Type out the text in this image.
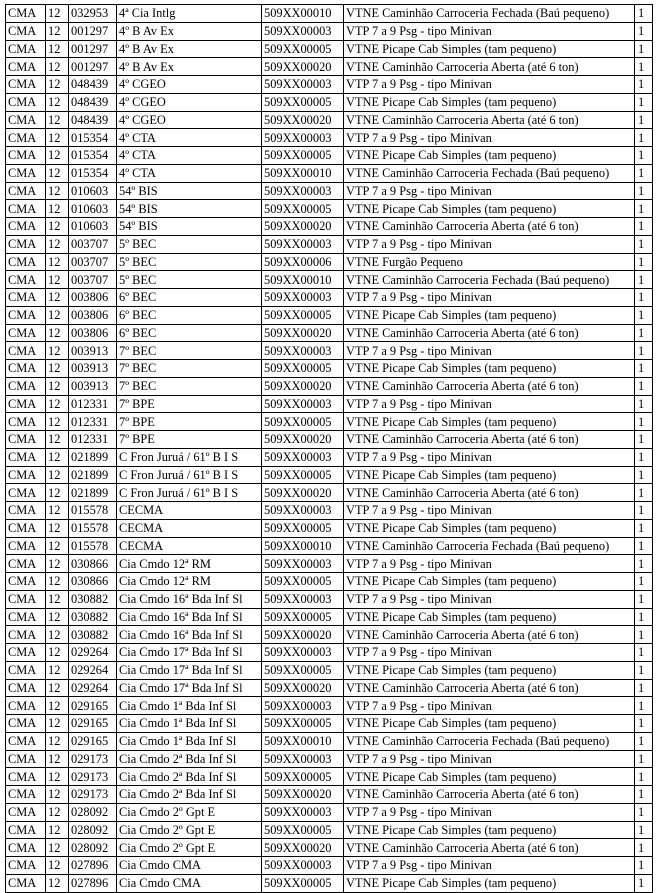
CMA	12	032953	4ª Cia Intlg	509XX00010	VTNE Caminhão Carroceria Fechada (Baú pequeno)	1
CMA	12	001297	4º B Av Ex	509XX00003	VTP 7 a 9 Psg - tipo Minivan	1
CMA	12	001297	4º B Av Ex	509XX00005	VTNE Picape Cab Simples (tam pequeno)	1
CMA	12	001297	4º B Av Ex	509XX00020	VTNE Caminhão Carroceria Aberta (até 6 ton)	1
CMA	12	048439	4º CGEO	509XX00003	VTP 7 a 9 Psg - tipo Minivan	1
CMA	12	048439	4º CGEO	509XX00005	VTNE Picape Cab Simples (tam pequeno)	1
CMA	12	048439	4º CGEO	509XX00020	VTNE Caminhão Carroceria Aberta (até 6 ton)	1
CMA	12	015354	4º CTA	509XX00003	VTP 7 a 9 Psg - tipo Minivan	1
CMA	12	015354	4º CTA	509XX00005	VTNE Picape Cab Simples (tam pequeno)	1
CMA	12	015354	4º CTA	509XX00010	VTNE Caminhão Carroceria Fechada (Baú pequeno)	1
CMA	12	010603	54º BIS	509XX00003	VTP 7 a 9 Psg - tipo Minivan	1
CMA	12	010603	54º BIS	509XX00005	VTNE Picape Cab Simples (tam pequeno)	1
CMA	12	010603	54º BIS	509XX00020	VTNE Caminhão Carroceria Aberta (até 6 ton)	1
CMA	12	003707	5º BEC	509XX00003	VTP 7 a 9 Psg - tipo Minivan	1
CMA	12	003707	5º BEC	509XX00006	VTNE Furgão Pequeno	1
CMA	12	003707	5º BEC	509XX00010	VTNE Caminhão Carroceria Fechada (Baú pequeno)	1
CMA	12	003806	6º BEC	509XX00003	VTP 7 a 9 Psg - tipo Minivan	1
CMA	12	003806	6º BEC	509XX00005	VTNE Picape Cab Simples (tam pequeno)	1
CMA	12	003806	6º BEC	509XX00020	VTNE Caminhão Carroceria Aberta (até 6 ton)	1
CMA	12	003913	7º BEC	509XX00003	VTP 7 a 9 Psg - tipo Minivan	1
CMA	12	003913	7º BEC	509XX00005	VTNE Picape Cab Simples (tam pequeno)	1
CMA	12	003913	7º BEC	509XX00020	VTNE Caminhão Carroceria Aberta (até 6 ton)	1
CMA	12	012331	7º BPE	509XX00003	VTP 7 a 9 Psg - tipo Minivan	1
CMA	12	012331	7º BPE	509XX00005	VTNE Picape Cab Simples (tam pequeno)	1
CMA	12	012331	7º BPE	509XX00020	VTNE Caminhão Carroceria Aberta (até 6 ton)	1
CMA	12	021899	C Fron Juruá / 61º B I S	509XX00003	VTP 7 a 9 Psg - tipo Minivan	1
CMA	12	021899	C Fron Juruá / 61º B I S	509XX00005	VTNE Picape Cab Simples (tam pequeno)	1
CMA	12	021899	C Fron Juruá / 61º B I S	509XX00020	VTNE Caminhão Carroceria Aberta (até 6 ton)	1
CMA	12	015578	CECMA	509XX00003	VTP 7 a 9 Psg - tipo Minivan	1
CMA	12	015578	CECMA	509XX00005	VTNE Picape Cab Simples (tam pequeno)	1
CMA	12	015578	CECMA	509XX00010	VTNE Caminhão Carroceria Fechada (Baú pequeno)	1
CMA	12	030866	Cia Cmdo 12ª RM	509XX00003	VTP 7 a 9 Psg - tipo Minivan	1
CMA	12	030866	Cia Cmdo 12ª RM	509XX00005	VTNE Picape Cab Simples (tam pequeno)	1
CMA	12	030882	Cia Cmdo 16ª Bda Inf Sl	509XX00003	VTP 7 a 9 Psg - tipo Minivan	1
CMA	12	030882	Cia Cmdo 16ª Bda Inf Sl	509XX00005	VTNE Picape Cab Simples (tam pequeno)	1
CMA	12	030882	Cia Cmdo 16ª Bda Inf Sl	509XX00020	VTNE Caminhão Carroceria Aberta (até 6 ton)	1
CMA	12	029264	Cia Cmdo 17ª Bda Inf Sl	509XX00003	VTP 7 a 9 Psg - tipo Minivan	1
CMA	12	029264	Cia Cmdo 17ª Bda Inf Sl	509XX00005	VTNE Picape Cab Simples (tam pequeno)	1
CMA	12	029264	Cia Cmdo 17ª Bda Inf Sl	509XX00020	VTNE Caminhão Carroceria Aberta (até 6 ton)	1
CMA	12	029165	Cia Cmdo 1ª Bda Inf Sl	509XX00003	VTP 7 a 9 Psg - tipo Minivan	1
CMA	12	029165	Cia Cmdo 1ª Bda Inf Sl	509XX00005	VTNE Picape Cab Simples (tam pequeno)	1
CMA	12	029165	Cia Cmdo 1ª Bda Inf Sl	509XX00010	VTNE Caminhão Carroceria Fechada (Baú pequeno)	1
CMA	12	029173	Cia Cmdo 2ª Bda Inf Sl	509XX00003	VTP 7 a 9 Psg - tipo Minivan	1
CMA	12	029173	Cia Cmdo 2ª Bda Inf Sl	509XX00005	VTNE Picape Cab Simples (tam pequeno)	1
CMA	12	029173	Cia Cmdo 2ª Bda Inf Sl	509XX00020	VTNE Caminhão Carroceria Aberta (até 6 ton)	1
CMA	12	028092	Cia Cmdo 2º Gpt E	509XX00003	VTP 7 a 9 Psg - tipo Minivan	1
CMA	12	028092	Cia Cmdo 2º Gpt E	509XX00005	VTNE Picape Cab Simples (tam pequeno)	1
CMA	12	028092	Cia Cmdo 2º Gpt E	509XX00020	VTNE Caminhão Carroceria Aberta (até 6 ton)	1
CMA	12	027896	Cia Cmdo CMA	509XX00003	VTP 7 a 9 Psg - tipo Minivan	1
CMA	12	027896	Cia Cmdo CMA	509XX00005	VTNE Picape Cab Simples (tam pequeno)	1
